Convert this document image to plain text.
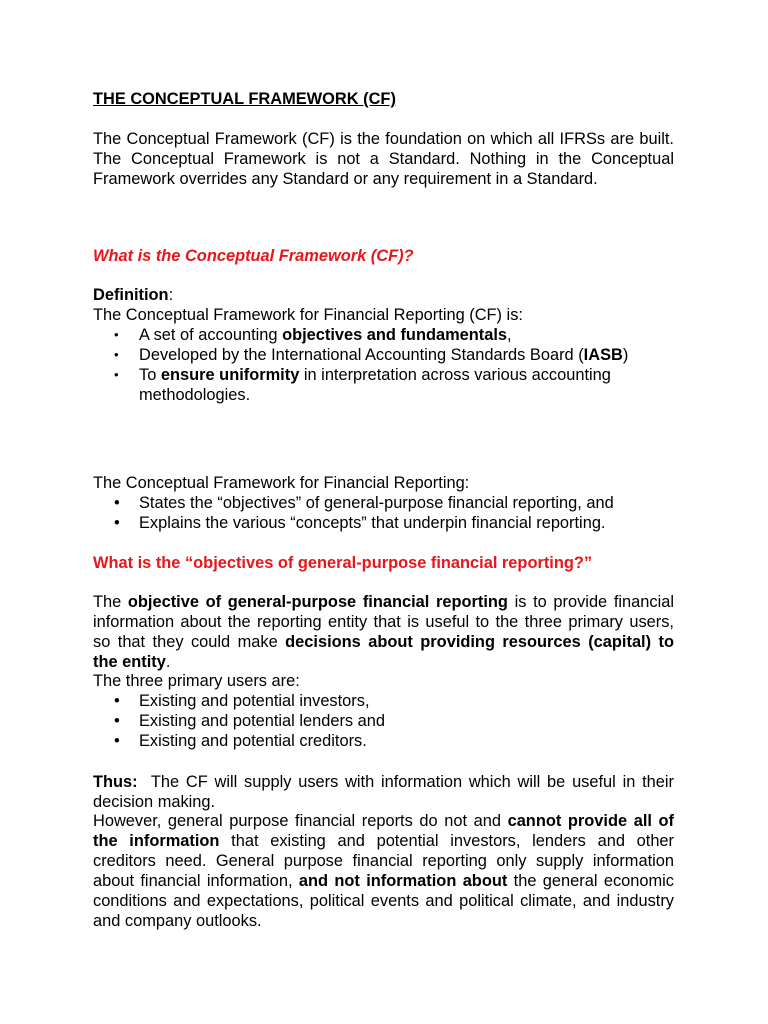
THE CONCEPTUAL FRAMEWORK (CF)
The Conceptual Framework (CF) is the foundation on which all IFRSs are built. The Conceptual Framework is not a Standard. Nothing in the Conceptual Framework overrides any Standard or any requirement in a Standard.
What is the Conceptual Framework (CF)?
Definition:
The Conceptual Framework for Financial Reporting (CF) is:
• A set of accounting objectives and fundamentals,
• Developed by the International Accounting Standards Board (IASB)
• To ensure uniformity in interpretation across various accounting methodologies.
The Conceptual Framework for Financial Reporting:
• States the “objectives” of general-purpose financial reporting, and
• Explains the various “concepts” that underpin financial reporting.
What is the “objectives of general-purpose financial reporting?”
The objective of general-purpose financial reporting is to provide financial information about the reporting entity that is useful to the three primary users, so that they could make decisions about providing resources (capital) to the entity.
The three primary users are:
• Existing and potential investors,
• Existing and potential lenders and
• Existing and potential creditors.
Thus:  The CF will supply users with information which will be useful in their decision making.
However, general purpose financial reports do not and cannot provide all of the information that existing and potential investors, lenders and other creditors need. General purpose financial reporting only supply information about financial information, and not information about the general economic conditions and expectations, political events and political climate, and industry and company outlooks.
